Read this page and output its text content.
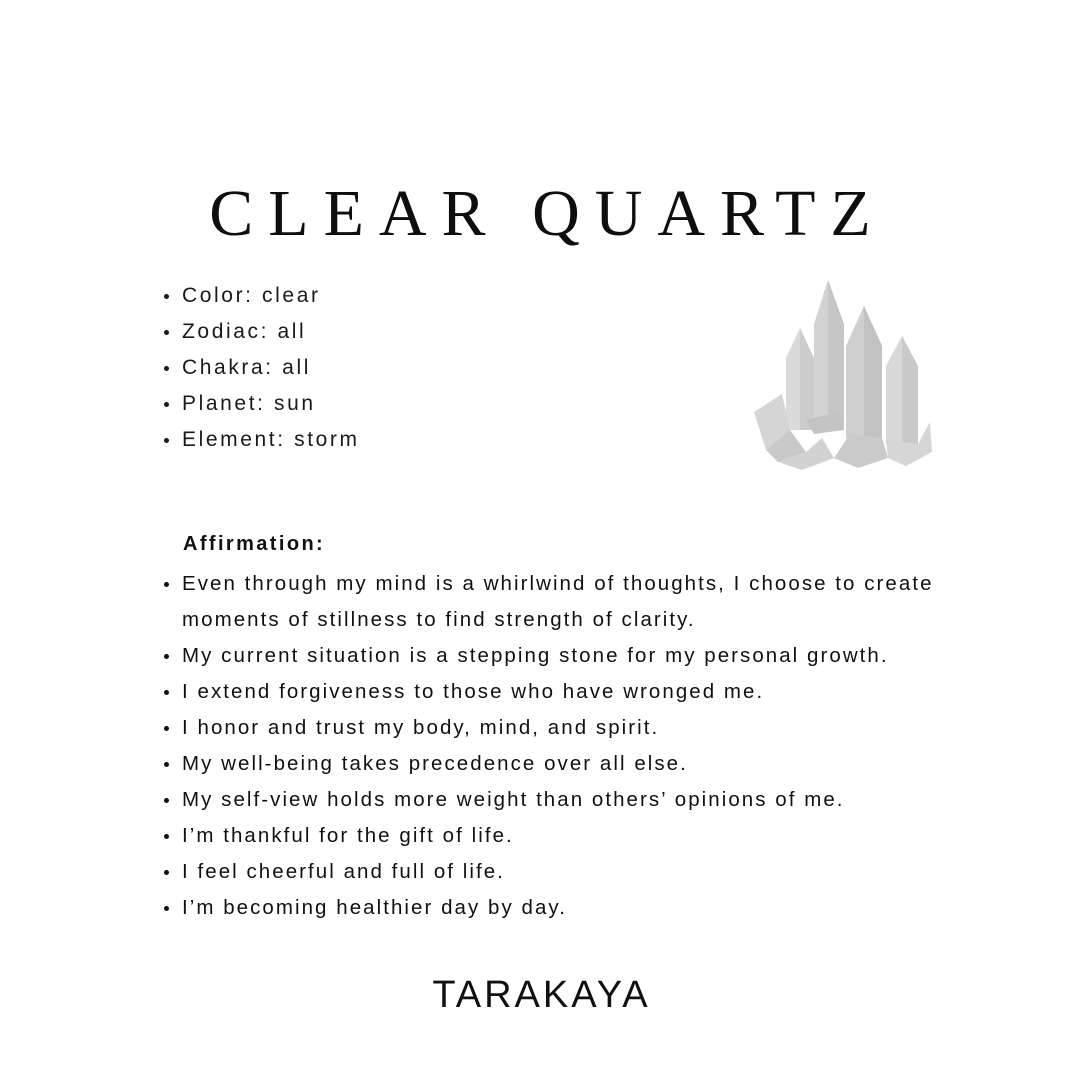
CLEAR QUARTZ
Color: clear
Zodiac: all
Chakra: all
Planet: sun
Element: storm
Affirmation:
Even through my mind is a whirlwind of thoughts, I choose to create moments of stillness to find strength of clarity.
My current situation is a stepping stone for my personal growth.
I extend forgiveness to those who have wronged me.
I honor and trust my body, mind, and spirit.
My well-being takes precedence over all else.
My self-view holds more weight than others’ opinions of me.
I’m thankful for the gift of life.
I feel cheerful and full of life.
I’m becoming healthier day by day.
TARAKAYA
